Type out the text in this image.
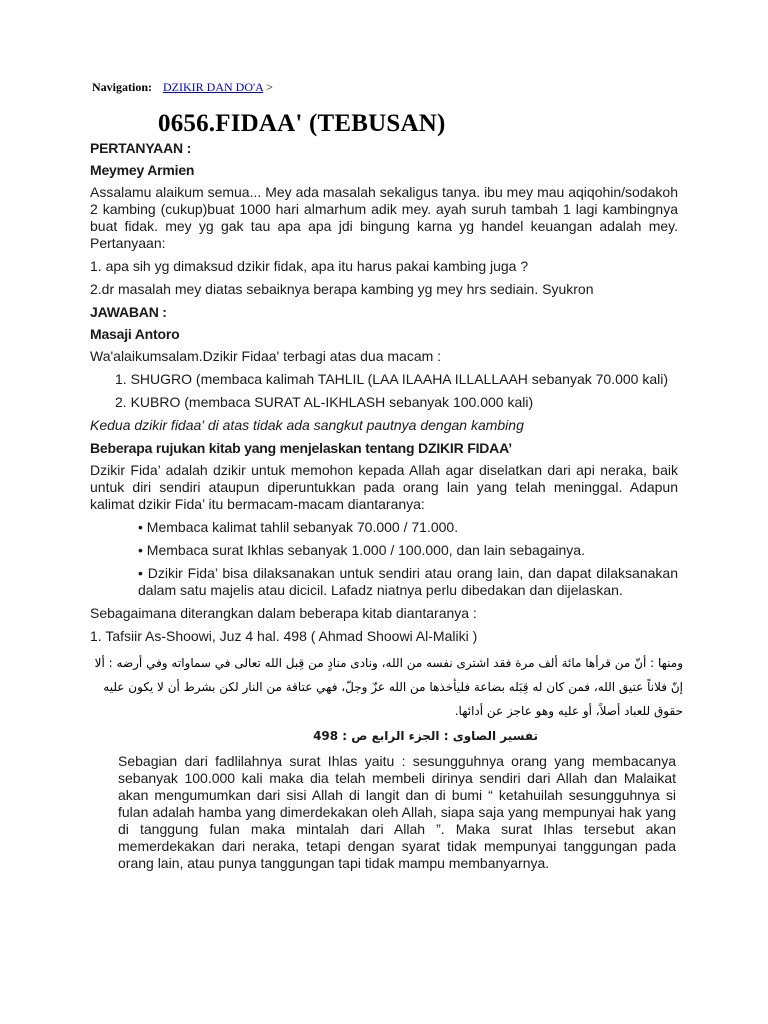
Navigation: DZIKIR DAN DO'A >
0656.FIDAA' (TEBUSAN)
PERTANYAAN :
Meymey Armien

Assalamu alaikum semua... Mey ada masalah sekaligus tanya. ibu mey mau aqiqohin/sodakoh 2 kambing (cukup)buat 1000 hari almarhum adik mey. ayah suruh tambah 1 lagi kambingnya buat fidak. mey yg gak tau apa apa jdi bingung karna yg handel keuangan adalah mey. Pertanyaan:

1. apa sih yg dimaksud dzikir fidak, apa itu harus pakai kambing juga ?

2.dr masalah mey diatas sebaiknya berapa kambing yg mey hrs sediain. Syukron

JAWABAN :
Masaji Antoro

Wa'alaikumsalam.Dzikir Fidaa' terbagi atas dua macam :

1. SHUGRO (membaca kalimah TAHLIL (LAA ILAAHA ILLALLAAH sebanyak 70.000 kali)

2. KUBRO (membaca SURAT AL-IKHLASH sebanyak 100.000 kali)

Kedua dzikir fidaa' di atas tidak ada sangkut pautnya dengan kambing

Beberapa rujukan kitab yang menjelaskan tentang DZIKIR FIDAA’

Dzikir Fida’ adalah dzikir untuk memohon kepada Allah agar diselatkan dari api neraka, baik untuk diri sendiri ataupun diperuntukkan pada orang lain yang telah meninggal. Adapun kalimat dzikir Fida’ itu bermacam-macam diantaranya:

• Membaca kalimat tahlil sebanyak 70.000 / 71.000.

• Membaca surat Ikhlas sebanyak 1.000 / 100.000, dan lain sebagainya.

• Dzikir Fida’ bisa dilaksanakan untuk sendiri atau orang lain, dan dapat dilaksanakan dalam satu majelis atau dicicil. Lafadz niatnya perlu dibedakan dan dijelaskan.

Sebagaimana diterangkan dalam beberapa kitab diantaranya :

1. Tafsiir As-Shoowi, Juz 4 hal. 498 ( Ahmad Shoowi Al-Maliki )

ومنها : أنّ من قرأها مائة ألف مرة فقد اشترى نفسه من الله، ونادى منادٍ من قِبل الله تعالى في سماواته وفي أرضه : ألا إنّ فلاناً عتيق الله، فمن كان له قِبَله بضاعة فليأخذها من الله عزّ وجلّ، فهي عتاقة من النار لكن بشرط أن لا يكون عليه حقوق للعباد أصلاً، أو عليه وهو عاجز عن أدائها.
تفسير الصاوى : الجزء الرابع ص : 498

Sebagian dari fadlilahnya surat Ihlas yaitu : sesungguhnya orang yang membacanya sebanyak 100.000 kali maka dia telah membeli dirinya sendiri dari Allah dan Malaikat akan mengumumkan dari sisi Allah di langit dan di bumi “ ketahuilah sesungguhnya si fulan adalah hamba yang dimerdekakan oleh Allah, siapa saja yang mempunyai hak yang di tanggung fulan maka mintalah dari Allah ”. Maka surat Ihlas tersebut akan memerdekakan dari neraka, tetapi dengan syarat tidak mempunyai tanggungan pada orang lain, atau punya tanggungan tapi tidak mampu membanyarnya.
